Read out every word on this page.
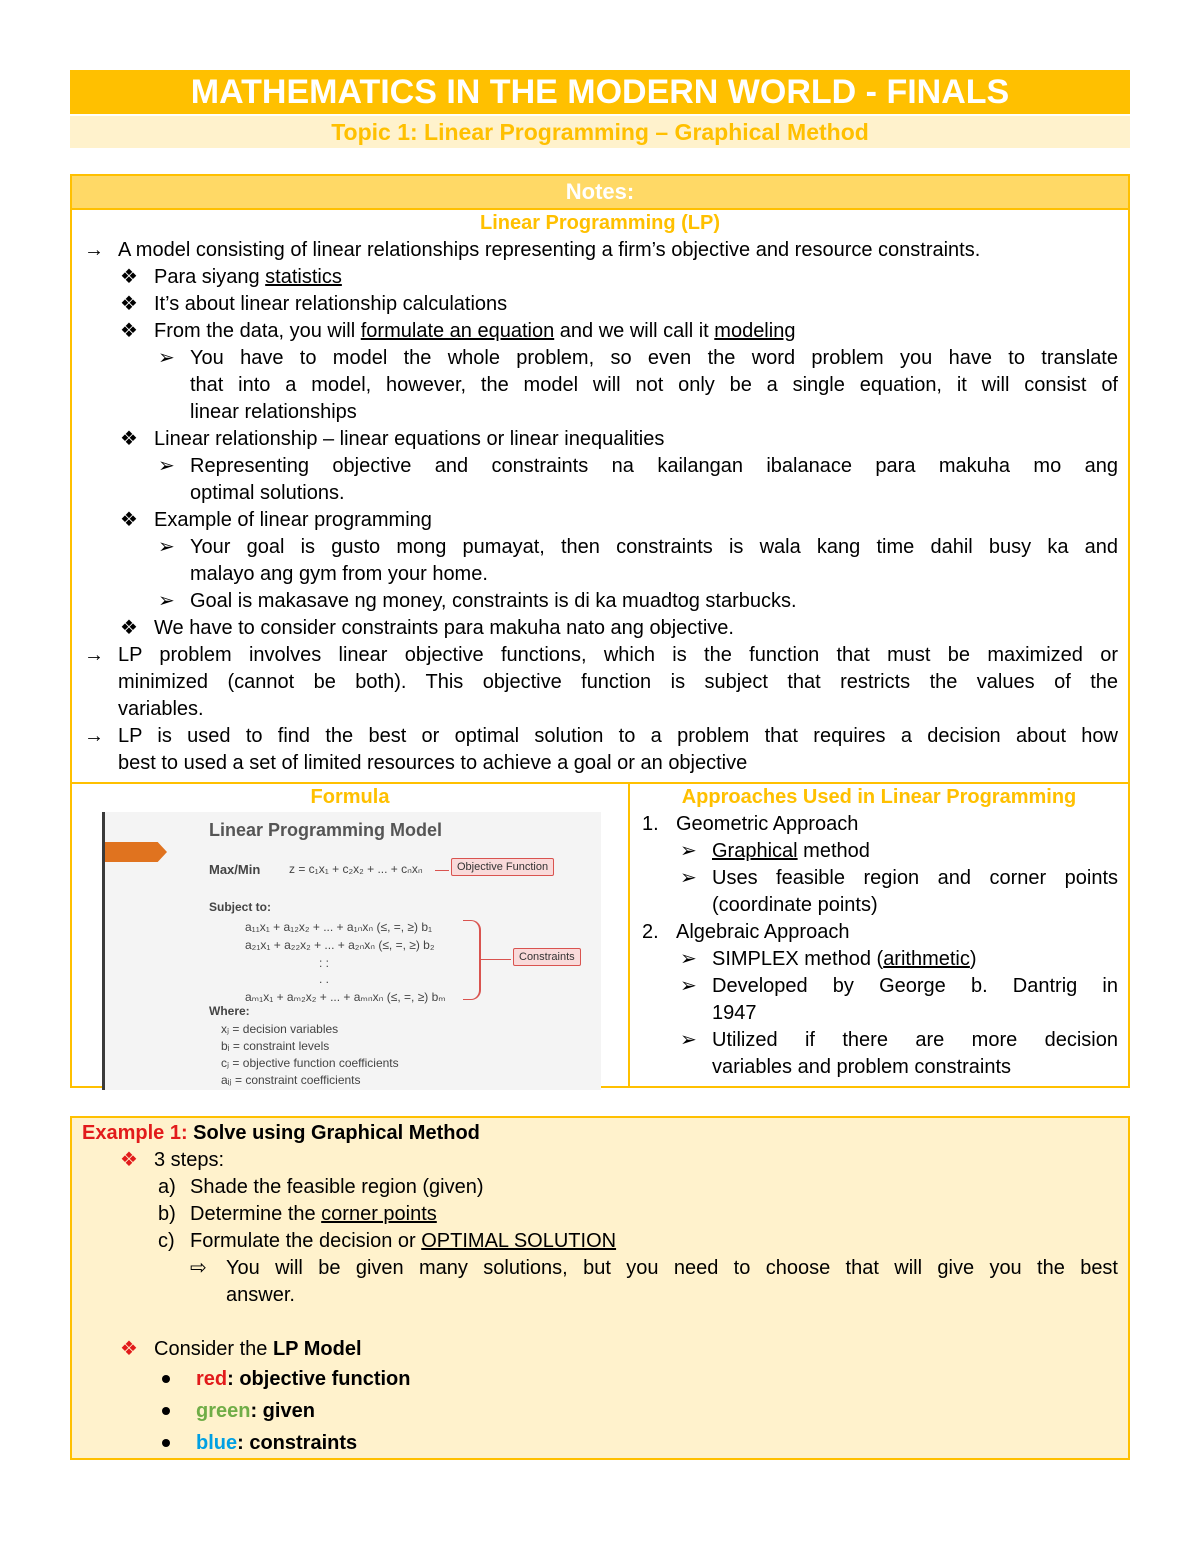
MATHEMATICS IN THE MODERN WORLD - FINALS
Topic 1: Linear Programming – Graphical Method
Notes:
Linear Programming (LP)
→ A model consisting of linear relationships representing a firm’s objective and resource constraints.
❖ Para siyang statistics
❖ It’s about linear relationship calculations
❖ From the data, you will formulate an equation and we will call it modeling
➢ You have to model the whole problem, so even the word problem you have to translate
that into a model, however, the model will not only be a single equation, it will consist of
linear relationships
❖ Linear relationship – linear equations or linear inequalities
➢ Representing objective and constraints na kailangan ibalanace para makuha mo ang
optimal solutions.
❖ Example of linear programming
➢ Your goal is gusto mong pumayat, then constraints is wala kang time dahil busy ka and
malayo ang gym from your home.
➢ Goal is makasave ng money, constraints is di ka muadtog starbucks.
❖ We have to consider constraints para makuha nato ang objective.
→ LP problem involves linear objective functions, which is the function that must be maximized or
minimized (cannot be both). This objective function is subject that restricts the values of the
variables.
→ LP is used to find the best or optimal solution to a problem that requires a decision about how
best to used a set of limited resources to achieve a goal or an objective
Formula
Linear Programming Model
Max/Min z = c₁x₁ + c₂x₂ + ... + cₙxₙ	Objective Function
Subject to:
a₁₁x₁ + a₁₂x₂ + ... + a₁ₙxₙ (≤, =, ≥) b₁
a₂₁x₁ + a₂₂x₂ + ... + a₂ₙxₙ (≤, =, ≥) b₂
: :
. .
aₘ₁x₁ + aₘ₂x₂ + ... + aₘₙxₙ (≤, =, ≥) bₘ
Constraints
Where:
xⱼ = decision variables
bᵢ = constraint levels
cⱼ = objective function coefficients
aᵢⱼ = constraint coefficients
Approaches Used in Linear Programming
1. Geometric Approach
➢ Graphical method
➢ Uses feasible region and corner points
(coordinate points)
2. Algebraic Approach
➢ SIMPLEX method (arithmetic)
➢ Developed by George b. Dantrig in
1947
➢ Utilized if there are more decision
variables and problem constraints
Example 1: Solve using Graphical Method
❖ 3 steps:
a) Shade the feasible region (given)
b) Determine the corner points
c) Formulate the decision or OPTIMAL SOLUTION
⇨ You will be given many solutions, but you need to choose that will give you the best
answer.
❖ Consider the LP Model
red: objective function
green: given
blue: constraints
